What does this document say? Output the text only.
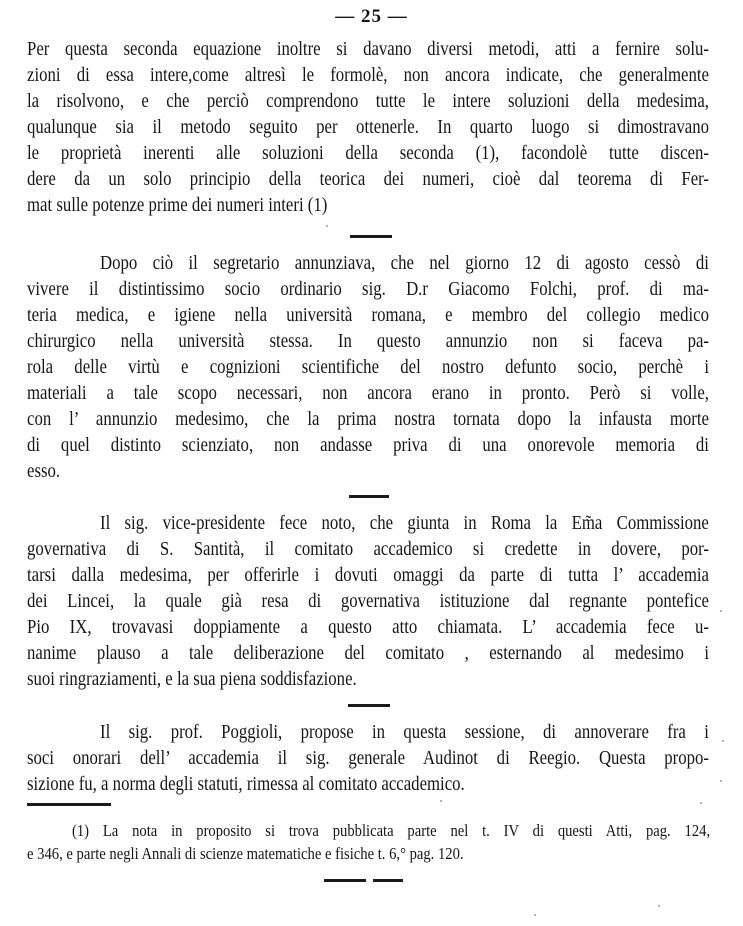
— 25 —
Per questa seconda equazione inoltre si davano diversi metodi, atti a fernire solu-
zioni di essa intere,come altresì le formolè, non ancora indicate, che generalmente
la risolvono, e che perciò comprendono tutte le intere soluzioni della medesima,
qualunque sia il metodo seguito per ottenerle. In quarto luogo si dimostravano
le proprietà inerenti alle soluzioni della seconda (1), facondolè tutte discen-
dere da un solo principio della teorica dei numeri, cioè dal teorema di Fer-
mat sulle potenze prime dei numeri interi (1)
Dopo ciò il segretario annunziava, che nel giorno 12 di agosto cessò di
vivere il distintissimo socio ordinario sig. D.r Giacomo Folchi, prof. di ma-
teria medica, e igiene nella università romana, e membro del collegio medico
chirurgico nella università stessa. In questo annunzio non si faceva pa-
rola delle virtù e cognizioni scientifiche del nostro defunto socio, perchè i
materiali a tale scopo necessari, non ancora erano in pronto. Però si volle,
con l’ annunzio medesimo, che la prima nostra tornata dopo la infausta morte
di quel distinto scienziato, non andasse priva di una onorevole memoria di
esso.
Il sig. vice-presidente fece noto, che giunta in Roma la Em̃a Commissione
governativa di S. Santità, il comitato accademico si credette in dovere, por-
tarsi dalla medesima, per offerirle i dovuti omaggi da parte di tutta l’ accademia
dei Lincei, la quale già resa di governativa istituzione dal regnante pontefice
Pio IX, trovavasi doppiamente a questo atto chiamata. L’ accademia fece u-
nanime plauso a tale deliberazione del comitato , esternando al medesimo i
suoi ringraziamenti, e la sua piena soddisfazione.
Il sig. prof. Poggioli, propose in questa sessione, di annoverare fra i
soci onorari dell’ accademia il sig. generale Audinot di Reegio. Questa propo-
sizione fu, a norma degli statuti, rimessa al comitato accademico.
(1) La nota in proposito si trova pubblicata parte nel t. IV di questi Atti, pag. 124,
e 346, e parte negli Annali di scienze matematiche e fisiche t. 6,° pag. 120.
